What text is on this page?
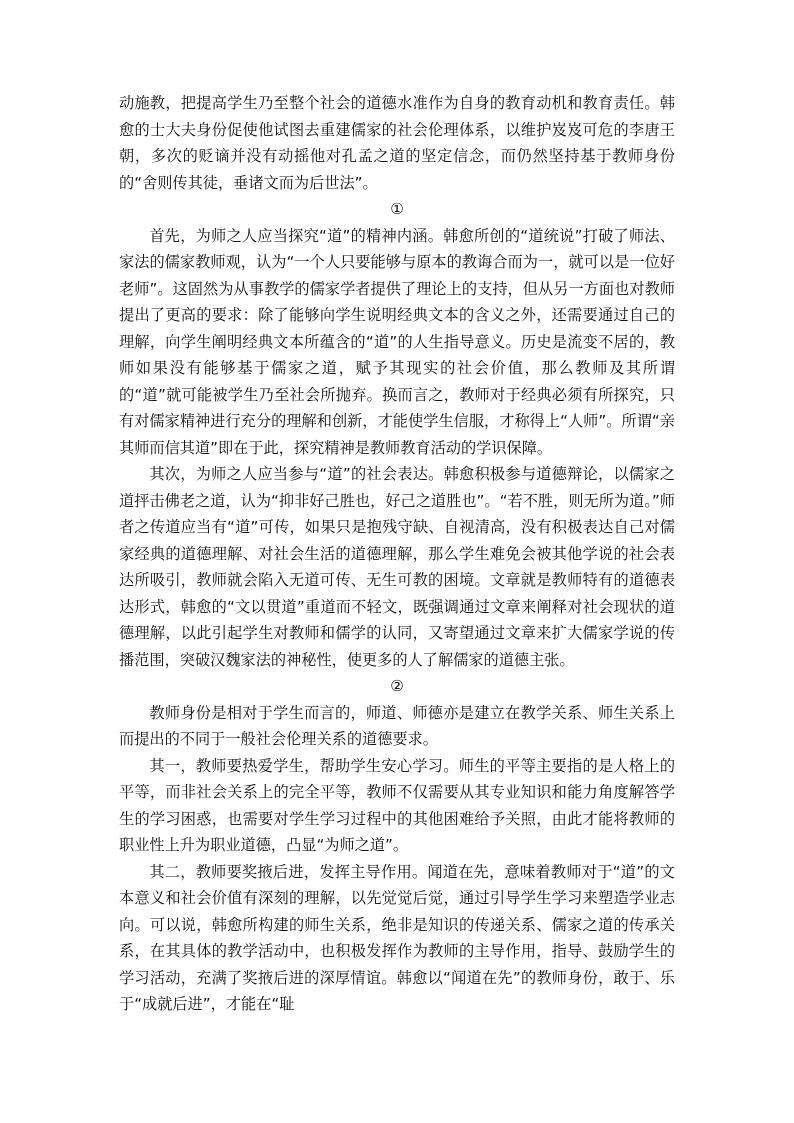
动施教，把提高学生乃至整个社会的道德水准作为自身的教育动机和教育责任。韩愈的士大夫身份促使他试图去重建儒家的社会伦理体系，以维护岌岌可危的李唐王朝，多次的贬谪并没有动摇他对孔孟之道的坚定信念，而仍然坚持基于教师身份的“舍则传其徒，垂诸文而为后世法”。

①

首先，为师之人应当探究“道”的精神内涵。韩愈所创的“道统说”打破了师法、家法的儒家教师观，认为“一个人只要能够与原本的教诲合而为一，就可以是一位好老师”。这固然为从事教学的儒家学者提供了理论上的支持，但从另一方面也对教师提出了更高的要求：除了能够向学生说明经典文本的含义之外，还需要通过自己的理解，向学生阐明经典文本所蕴含的“道”的人生指导意义。历史是流变不居的，教师如果没有能够基于儒家之道，赋予其现实的社会价值，那么教师及其所谓的“道”就可能被学生乃至社会所抛弃。换而言之，教师对于经典必须有所探究，只有对儒家精神进行充分的理解和创新，才能使学生信服，才称得上“人师”。所谓“亲其师而信其道”即在于此，探究精神是教师教育活动的学识保障。

其次，为师之人应当参与“道”的社会表达。韩愈积极参与道德辩论，以儒家之道抨击佛老之道，认为“抑非好己胜也，好己之道胜也”。“若不胜，则无所为道。”师者之传道应当有“道”可传，如果只是抱残守缺、自视清高，没有积极表达自己对儒家经典的道德理解、对社会生活的道德理解，那么学生难免会被其他学说的社会表达所吸引，教师就会陷入无道可传、无生可教的困境。文章就是教师特有的道德表达形式，韩愈的“文以贯道”重道而不轻文，既强调通过文章来阐释对社会现状的道德理解，以此引起学生对教师和儒学的认同，又寄望通过文章来扩大儒家学说的传播范围，突破汉魏家法的神秘性，使更多的人了解儒家的道德主张。

②

教师身份是相对于学生而言的，师道、师德亦是建立在教学关系、师生关系上而提出的不同于一般社会伦理关系的道德要求。

其一，教师要热爱学生，帮助学生安心学习。师生的平等主要指的是人格上的平等，而非社会关系上的完全平等，教师不仅需要从其专业知识和能力角度解答学生的学习困惑，也需要对学生学习过程中的其他困难给予关照，由此才能将教师的职业性上升为职业道德，凸显“为师之道”。

其二，教师要奖掖后进，发挥主导作用。闻道在先，意味着教师对于“道”的文本意义和社会价值有深刻的理解，以先觉觉后觉，通过引导学生学习来塑造学业志向。可以说，韩愈所构建的师生关系，绝非是知识的传递关系、儒家之道的传承关系，在其具体的教学活动中，也积极发挥作为教师的主导作用，指导、鼓励学生的学习活动，充满了奖掖后进的深厚情谊。韩愈以“闻道在先”的教师身份，敢于、乐于“成就后进”，才能在“耻
